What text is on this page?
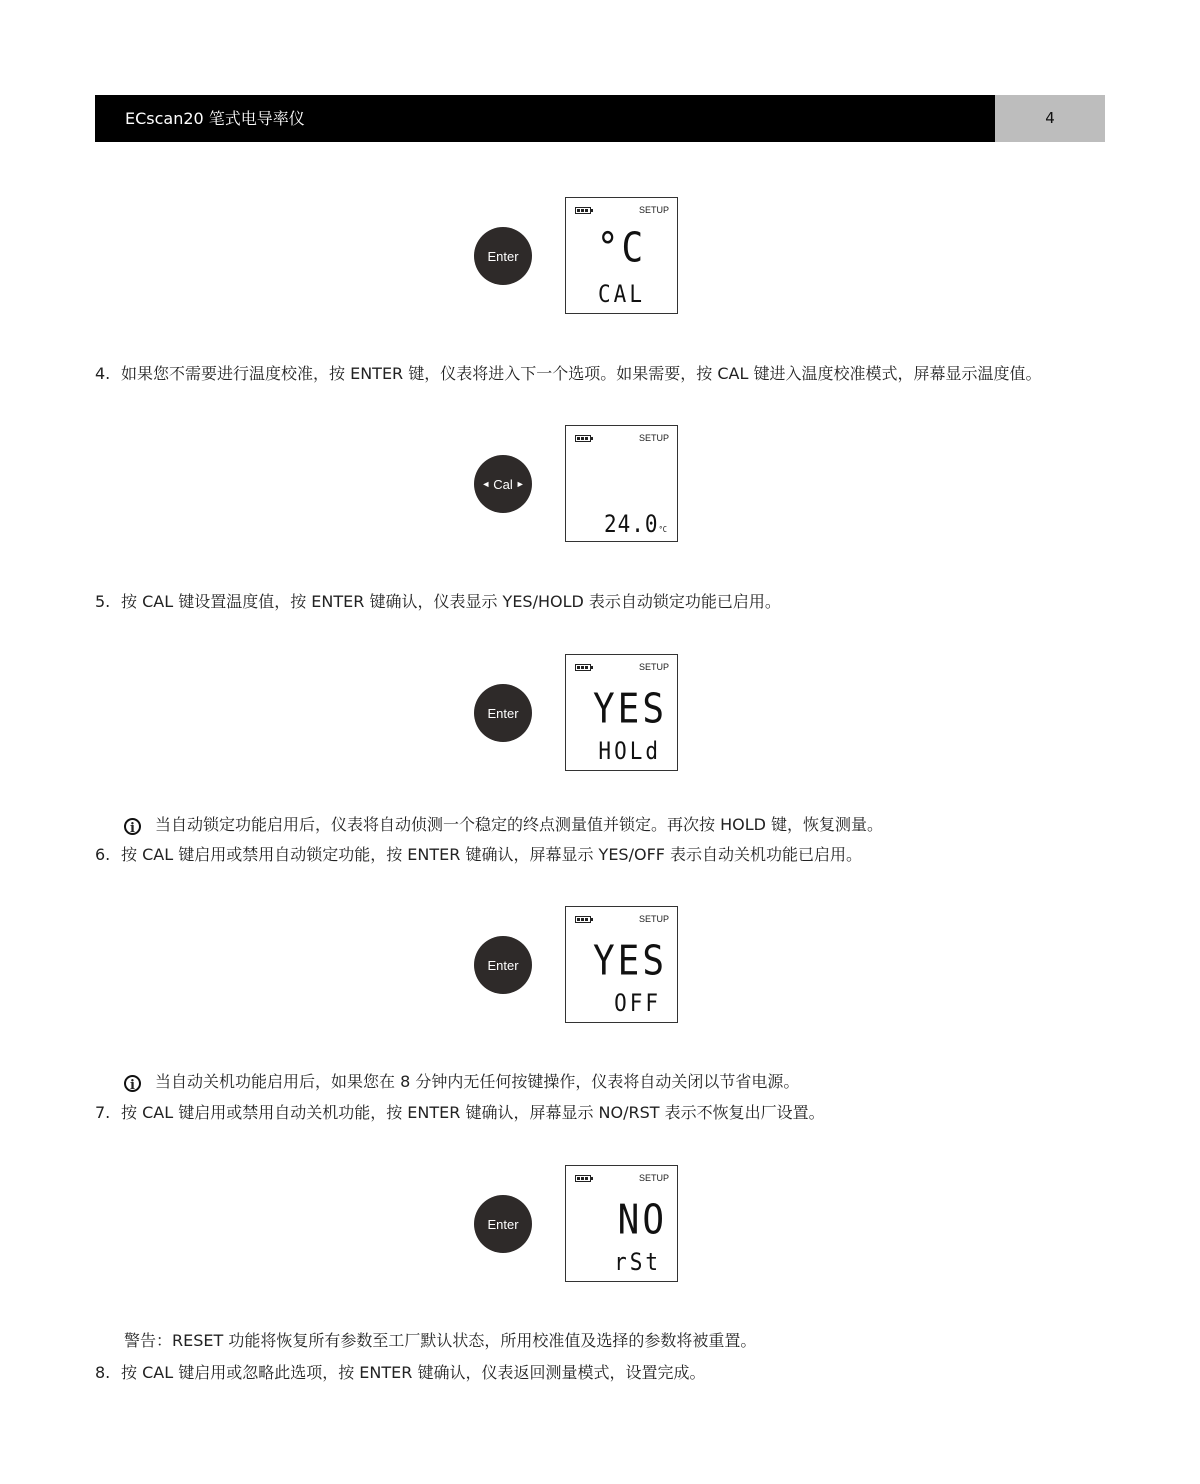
ECscan20 笔式电导率仪	4
Enter
SETUP
°C
CAL
4. 如果您不需要进行温度校准，按 ENTER 键，仪表将进入下一个选项。如果需要，按 CAL 键进入温度校准模式，屏幕显示温度值。
◄ Cal ►
SETUP
24.0°C
5. 按 CAL 键设置温度值，按 ENTER 键确认，仪表显示 YES/HOLD 表示自动锁定功能已启用。
Enter
SETUP
YES
HOLd
i 当自动锁定功能启用后，仪表将自动侦测一个稳定的终点测量值并锁定。再次按 HOLD 键，恢复测量。
6. 按 CAL 键启用或禁用自动锁定功能，按 ENTER 键确认，屏幕显示 YES/OFF 表示自动关机功能已启用。
Enter
SETUP
YES
OFF
i 当自动关机功能启用后，如果您在 8 分钟内无任何按键操作，仪表将自动关闭以节省电源。
7. 按 CAL 键启用或禁用自动关机功能，按 ENTER 键确认，屏幕显示 NO/RST 表示不恢复出厂设置。
Enter
SETUP
NO
rSt
警告：RESET 功能将恢复所有参数至工厂默认状态，所用校准值及选择的参数将被重置。
8. 按 CAL 键启用或忽略此选项，按 ENTER 键确认，仪表返回测量模式，设置完成。
